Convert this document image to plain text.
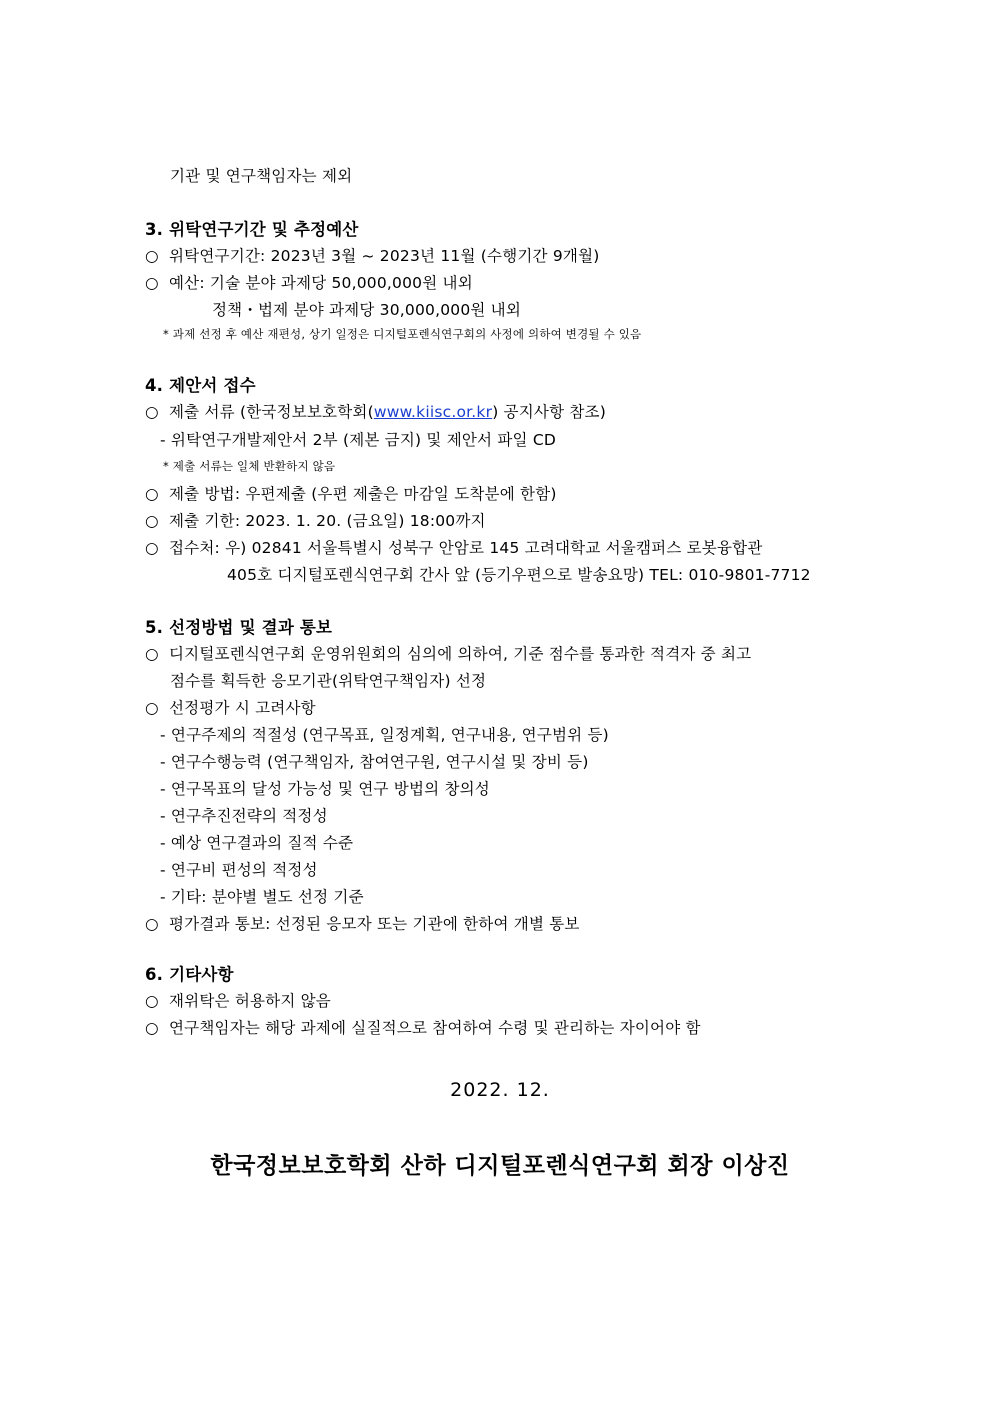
기관 및 연구책임자는 제외
3. 위탁연구기간 및 추정예산
○ 위탁연구기간: 2023년 3월 ~ 2023년 11월 (수행기간 9개월)
○ 예산: 기술 분야 과제당 50,000,000원 내외
정책・법제 분야 과제당 30,000,000원 내외
* 과제 선정 후 예산 재편성, 상기 일정은 디지털포렌식연구회의 사정에 의하여 변경될 수 있음
4. 제안서 접수
○ 제출 서류 (한국정보보호학회(www.kiisc.or.kr) 공지사항 참조)
- 위탁연구개발제안서 2부 (제본 금지) 및 제안서 파일 CD
* 제출 서류는 일체 반환하지 않음
○ 제출 방법: 우편제출 (우편 제출은 마감일 도착분에 한함)
○ 제출 기한: 2023. 1. 20. (금요일) 18:00까지
○ 접수처: 우) 02841 서울특별시 성북구 안암로 145 고려대학교 서울캠퍼스 로봇융합관
405호 디지털포렌식연구회 간사 앞 (등기우편으로 발송요망) TEL: 010-9801-7712
5. 선정방법 및 결과 통보
○ 디지털포렌식연구회 운영위원회의 심의에 의하여, 기준 점수를 통과한 적격자 중 최고
점수를 획득한 응모기관(위탁연구책임자) 선정
○ 선정평가 시 고려사항
- 연구주제의 적절성 (연구목표, 일정계획, 연구내용, 연구범위 등)
- 연구수행능력 (연구책임자, 참여연구원, 연구시설 및 장비 등)
- 연구목표의 달성 가능성 및 연구 방법의 창의성
- 연구추진전략의 적정성
- 예상 연구결과의 질적 수준
- 연구비 편성의 적정성
- 기타: 분야별 별도 선정 기준
○ 평가결과 통보: 선정된 응모자 또는 기관에 한하여 개별 통보
6. 기타사항
○ 재위탁은 허용하지 않음
○ 연구책임자는 해당 과제에 실질적으로 참여하여 수령 및 관리하는 자이어야 함
2022. 12.
한국정보보호학회 산하 디지털포렌식연구회 회장 이상진
